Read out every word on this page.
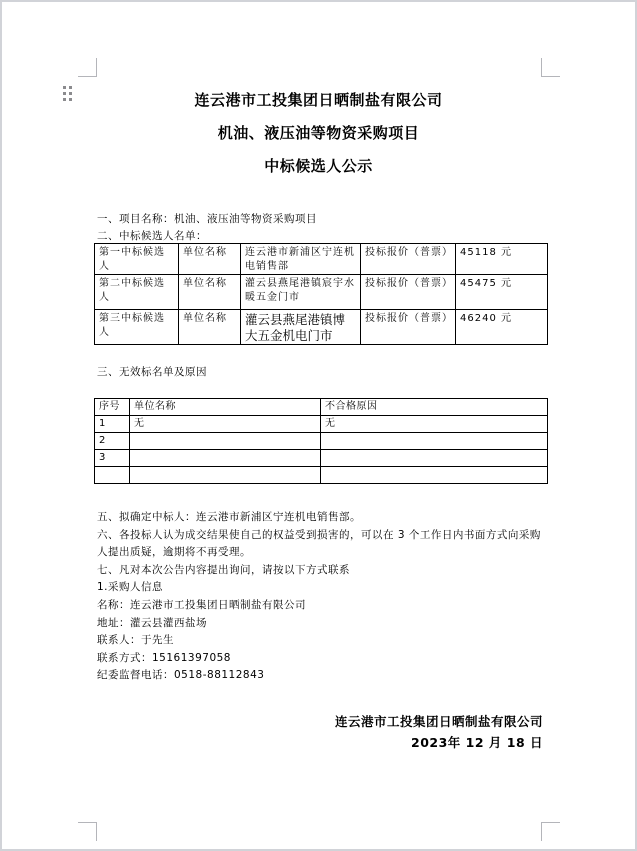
连云港市工投集团日晒制盐有限公司
机油、液压油等物资采购项目
中标候选人公示
一、项目名称：机油、液压油等物资采购项目
二、中标候选人名单：
第一中标候选人	单位名称	连云港市新浦区宁连机电销售部	投标报价（普票）	45118 元
第二中标候选人	单位名称	灌云县燕尾港镇宸宇水暖五金门市	投标报价（普票）	45475 元
第三中标候选人	单位名称	灌云县燕尾港镇博大五金机电门市	投标报价（普票）	46240 元
三、无效标名单及原因
序号	单位名称	不合格原因
1	无	无
2		
3		

五、拟确定中标人：连云港市新浦区宁连机电销售部。
六、各投标人认为成交结果使自己的权益受到损害的，可以在 3 个工作日内书面方式向采购
人提出质疑，逾期将不再受理。
七、凡对本次公告内容提出询问，请按以下方式联系
1.采购人信息
名称：连云港市工投集团日晒制盐有限公司
地址：灌云县灌西盐场
联系人：于先生
联系方式：15161397058
纪委监督电话：0518-88112843
连云港市工投集团日晒制盐有限公司
2023年 12 月 18 日
